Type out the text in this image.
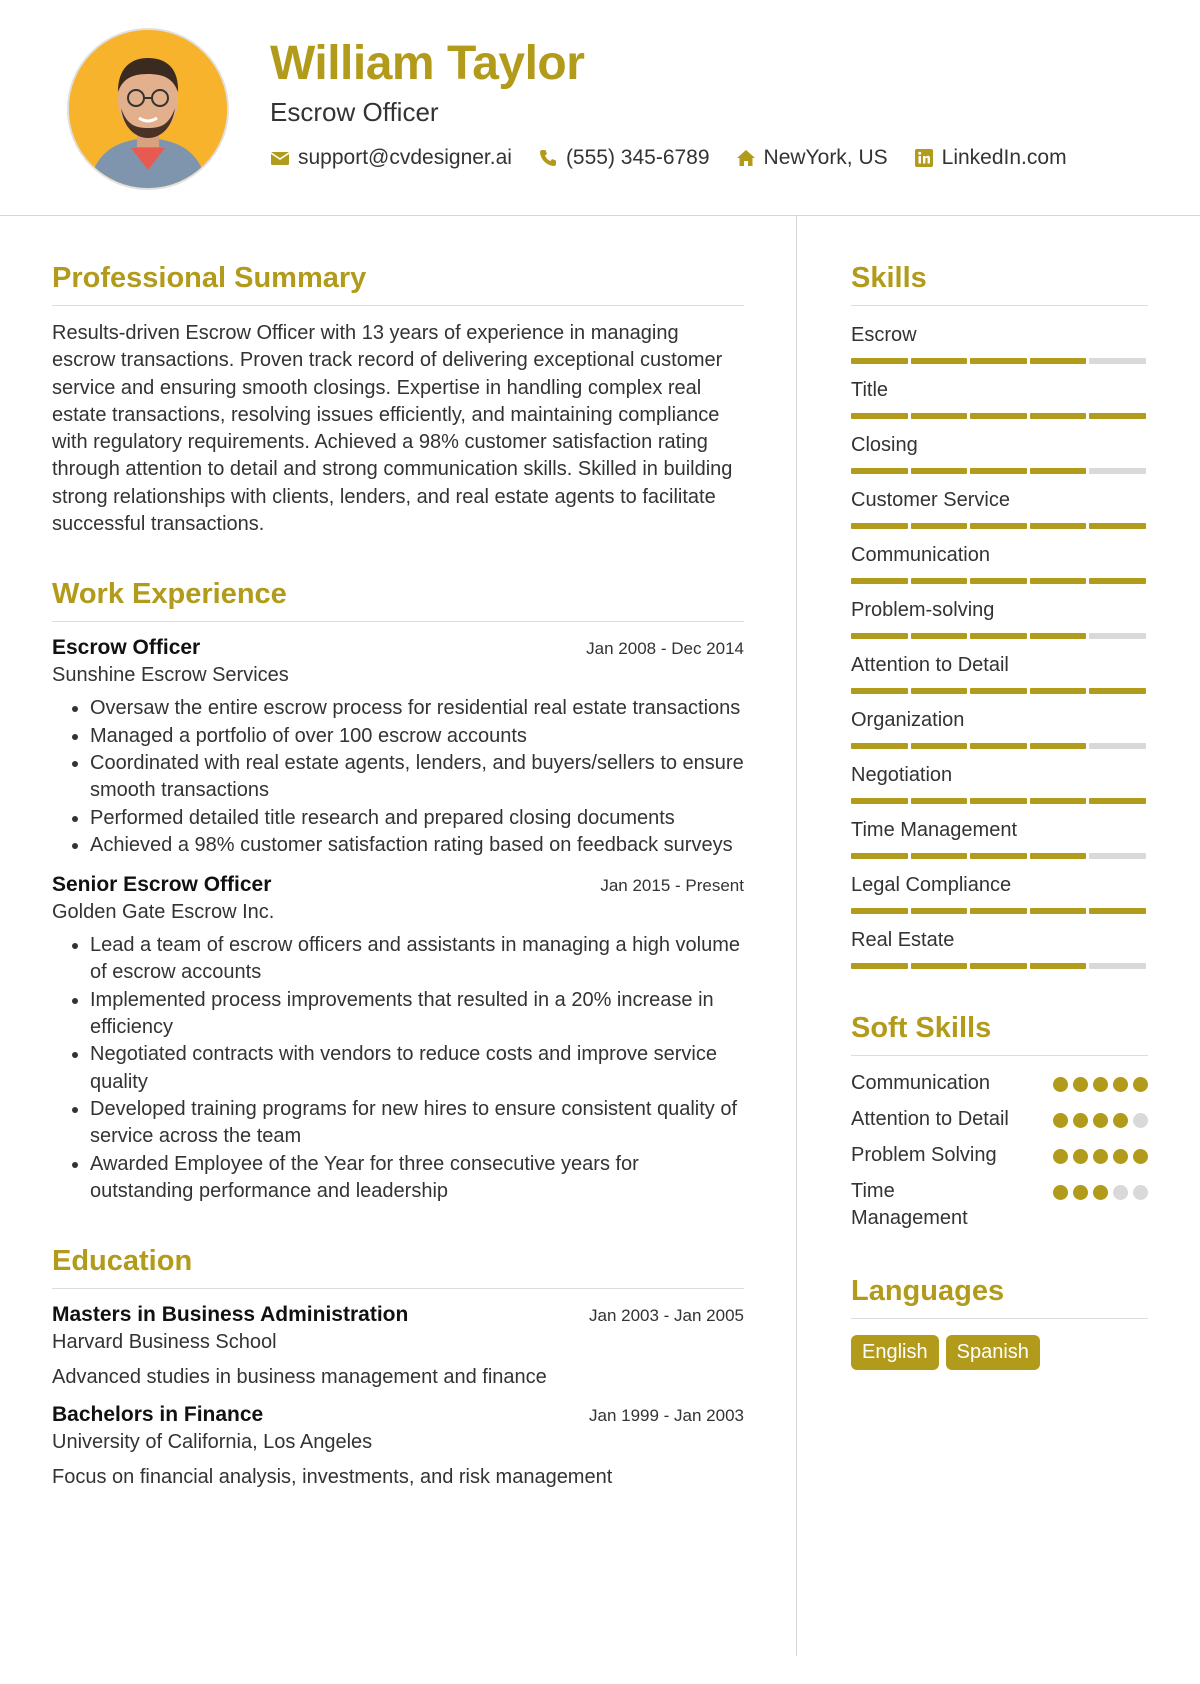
William Taylor
Escrow Officer
support@cvdesigner.ai	(555) 345-6789	NewYork, US	LinkedIn.com
Professional Summary

Results-driven Escrow Officer with 13 years of experience in managing escrow transactions. Proven track record of delivering exceptional customer service and ensuring smooth closings. Expertise in handling complex real estate transactions, resolving issues efficiently, and maintaining compliance with regulatory requirements. Achieved a 98% customer satisfaction rating through attention to detail and strong communication skills. Skilled in building strong relationships with clients, lenders, and real estate agents to facilitate successful transactions.

Work Experience
Escrow Officer	Jan 2008 - Dec 2014
Sunshine Escrow Services
• Oversaw the entire escrow process for residential real estate transactions
• Managed a portfolio of over 100 escrow accounts
• Coordinated with real estate agents, lenders, and buyers/sellers to ensure smooth transactions
• Performed detailed title research and prepared closing documents
• Achieved a 98% customer satisfaction rating based on feedback surveys
Senior Escrow Officer	Jan 2015 - Present
Golden Gate Escrow Inc.
• Lead a team of escrow officers and assistants in managing a high volume of escrow accounts
• Implemented process improvements that resulted in a 20% increase in efficiency
• Negotiated contracts with vendors to reduce costs and improve service quality
• Developed training programs for new hires to ensure consistent quality of service across the team
• Awarded Employee of the Year for three consecutive years for outstanding performance and leadership
Education
Masters in Business Administration	Jan 2003 - Jan 2005
Harvard Business School
Advanced studies in business management and finance
Bachelors in Finance	Jan 1999 - Jan 2003
University of California, Los Angeles
Focus on financial analysis, investments, and risk management
Skills
Escrow
Title
Closing
Customer Service
Communication
Problem-solving
Attention to Detail
Organization
Negotiation
Time Management
Legal Compliance
Real Estate
Soft Skills
Communication
Attention to Detail
Problem Solving
Time Management
Languages
English	Spanish
